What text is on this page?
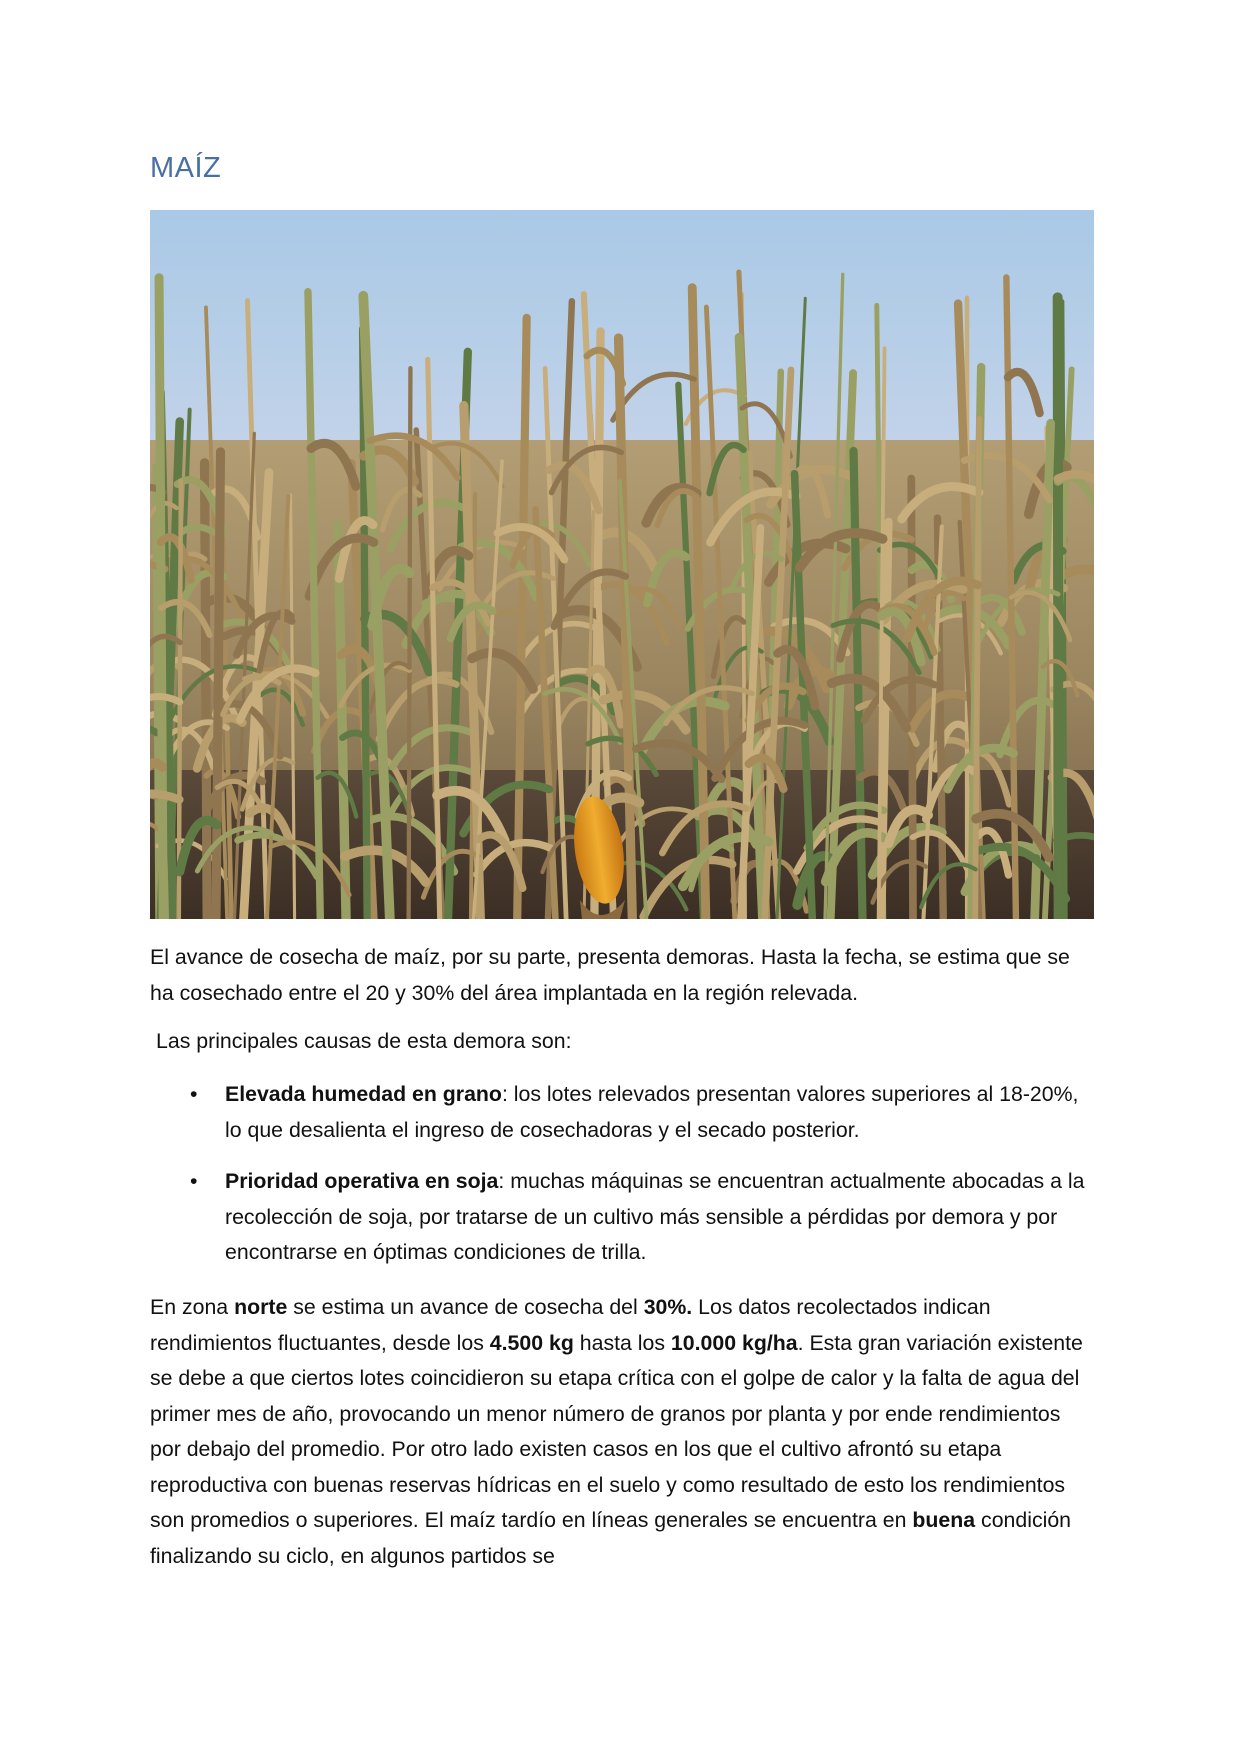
MAÍZ

El avance de cosecha de maíz, por su parte, presenta demoras. Hasta la fecha, se estima que se ha cosechado entre el 20 y 30% del área implantada en la región relevada.

Las principales causas de esta demora son:

• Elevada humedad en grano: los lotes relevados presentan valores superiores al 18-20%, lo que desalienta el ingreso de cosechadoras y el secado posterior.
• Prioridad operativa en soja: muchas máquinas se encuentran actualmente abocadas a la recolección de soja, por tratarse de un cultivo más sensible a pérdidas por demora y por encontrarse en óptimas condiciones de trilla.

En zona norte se estima un avance de cosecha del 30%. Los datos recolectados indican rendimientos fluctuantes, desde los 4.500 kg hasta los 10.000 kg/ha. Esta gran variación existente se debe a que ciertos lotes coincidieron su etapa crítica con el golpe de calor y la falta de agua del primer mes de año, provocando un menor número de granos por planta y por ende rendimientos por debajo del promedio. Por otro lado existen casos en los que el cultivo afrontó su etapa reproductiva con buenas reservas hídricas en el suelo y como resultado de esto los rendimientos son promedios o superiores. El maíz tardío en líneas generales se encuentra en buena condición finalizando su ciclo, en algunos partidos se
